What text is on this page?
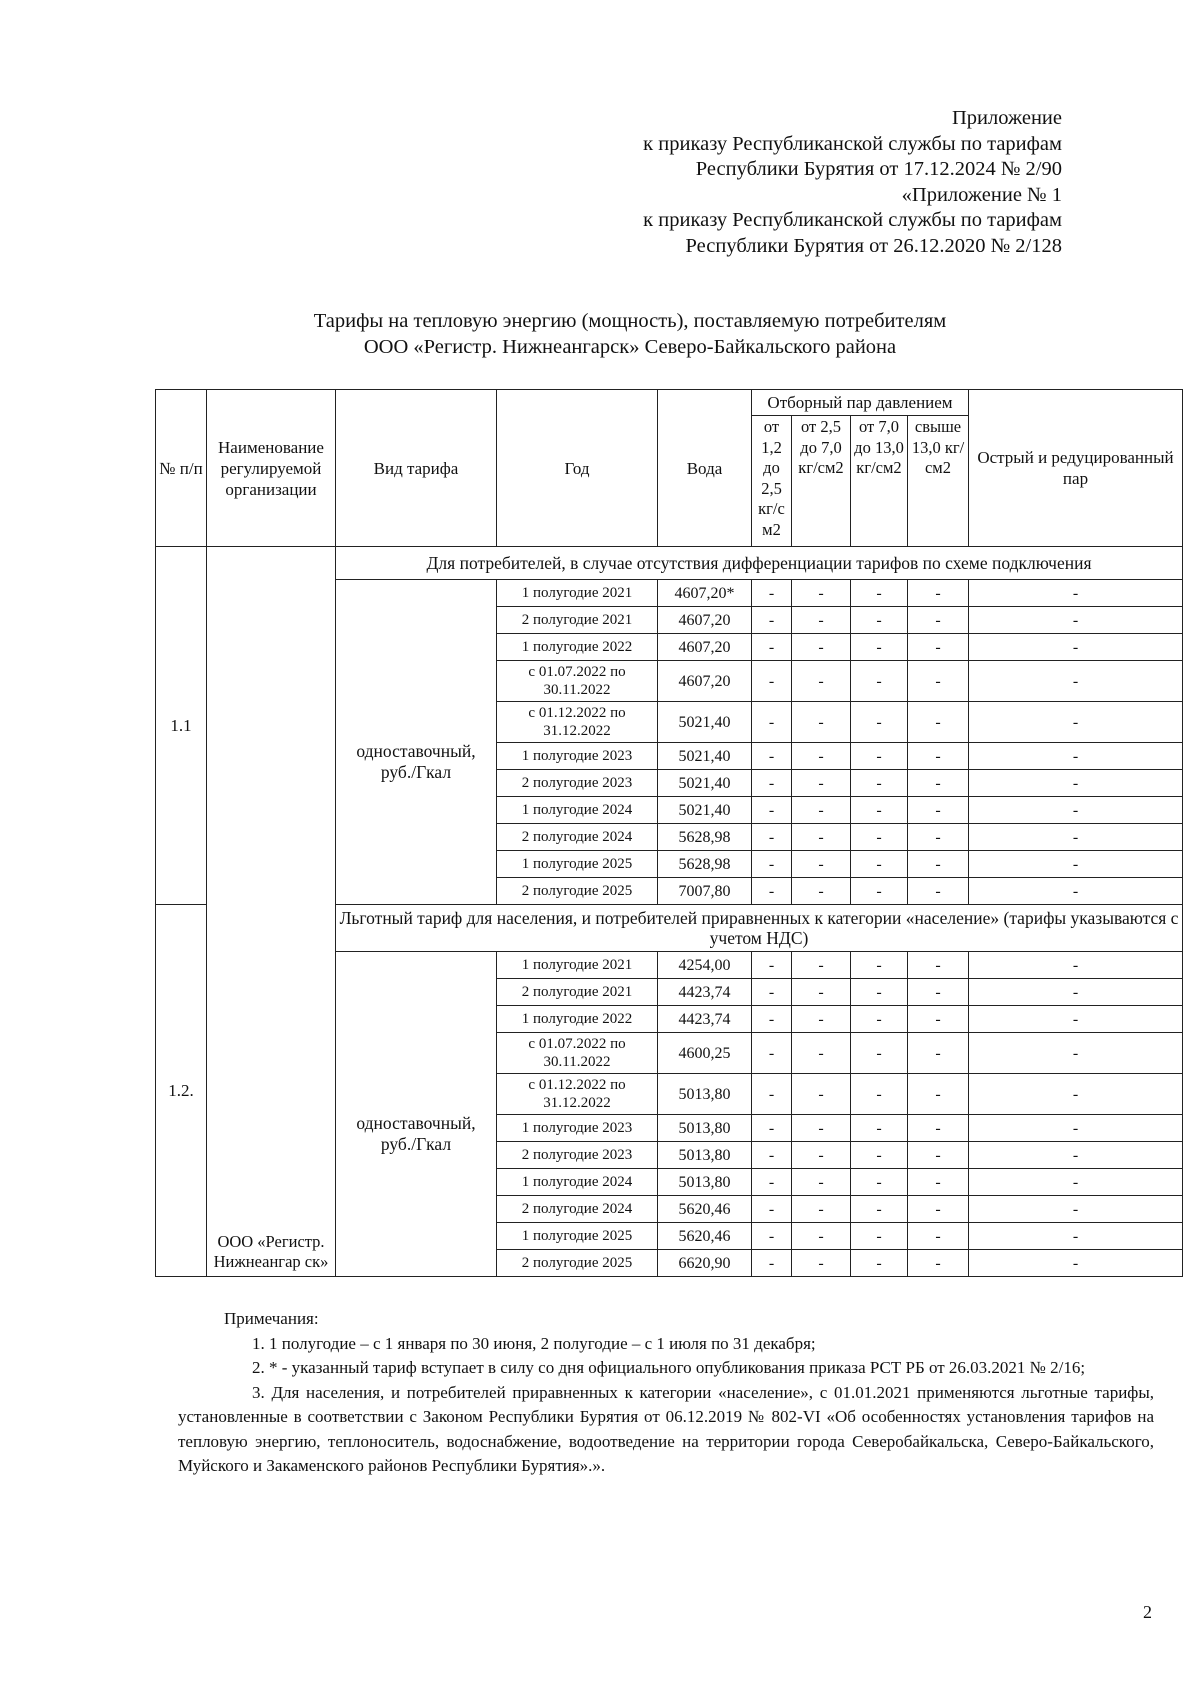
Приложение
к приказу Республиканской службы по тарифам
Республики Бурятия от 17.12.2024 № 2/90
«Приложение № 1
к приказу Республиканской службы по тарифам
Республики Бурятия от 26.12.2020 № 2/128
Тарифы на тепловую энергию (мощность), поставляемую потребителям
ООО «Регистр. Нижнеангарск» Северо-Байкальского района
№ п/п	Наименование регулируемой организации	Вид тарифа	Год	Вода	Отборный пар давлением				Острый и редуцированный пар
					от 1,2 до 2,5 кг/с м2	от 2,5 до 7,0 кг/см2	от 7,0 до 13,0 кг/см2	свыше 13,0 кг/см2	
1.1	ООО «Регистр. Нижнеангар ск»	Для потребителей, в случае отсутствия дифференциации тарифов по схеме подключения							
		одноставочный, руб./Гкал	1 полугодие 2021	4607,20*	-	-	-	-	-
			2 полугодие 2021	4607,20	-	-	-	-	-
			1 полугодие 2022	4607,20	-	-	-	-	-
			с 01.07.2022 по 30.11.2022	4607,20	-	-	-	-	-
			с 01.12.2022 по 31.12.2022	5021,40	-	-	-	-	-
			1 полугодие 2023	5021,40	-	-	-	-	-
			2 полугодие 2023	5021,40	-	-	-	-	-
			1 полугодие 2024	5021,40	-	-	-	-	-
			2 полугодие 2024	5628,98	-	-	-	-	-
			1 полугодие 2025	5628,98	-	-	-	-	-
			2 полугодие 2025	7007,80	-	-	-	-	-
1.2.		Льготный тариф для населения, и потребителей приравненных к категории «население» (тарифы указываются с учетом НДС)							
		одноставочный, руб./Гкал	1 полугодие 2021	4254,00	-	-	-	-	-
			2 полугодие 2021	4423,74	-	-	-	-	-
			1 полугодие 2022	4423,74	-	-	-	-	-
			с 01.07.2022 по 30.11.2022	4600,25	-	-	-	-	-
			с 01.12.2022 по 31.12.2022	5013,80	-	-	-	-	-
			1 полугодие 2023	5013,80	-	-	-	-	-
			2 полугодие 2023	5013,80	-	-	-	-	-
			1 полугодие 2024	5013,80	-	-	-	-	-
			2 полугодие 2024	5620,46	-	-	-	-	-
			1 полугодие 2025	5620,46	-	-	-	-	-
			2 полугодие 2025	6620,90	-	-	-	-	-

Примечания:

1. 1 полугодие – с 1 января по 30 июня, 2 полугодие – с 1 июля по 31 декабря;

2. * - указанный тариф вступает в силу со дня официального опубликования приказа РСТ РБ от 26.03.2021 № 2/16;

3. Для населения, и потребителей приравненных к категории «население», с 01.01.2021 применяются льготные тарифы, установленные в соответствии с Законом Республики Бурятия от 06.12.2019 № 802-VI «Об особенностях установления тарифов на тепловую энергию, теплоноситель, водоснабжение, водоотведение на территории города Северобайкальска, Северо-Байкальского, Муйского и Закаменского районов Республики Бурятия».».

2
